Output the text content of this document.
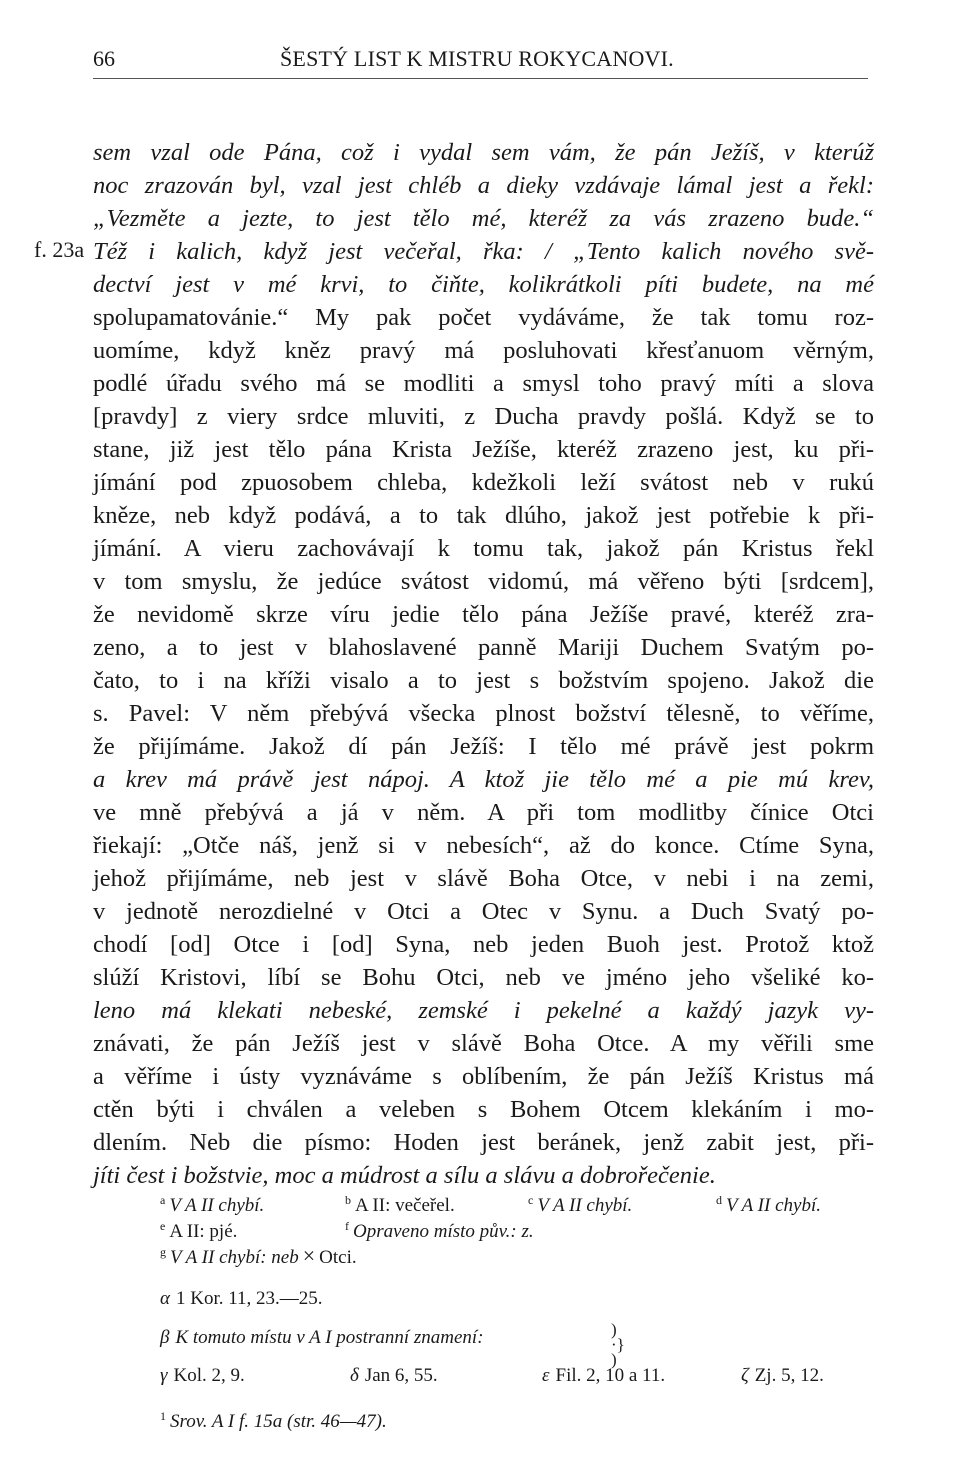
66	ŠESTÝ LIST K MISTRU ROKYCANOVI.
f. 23a
sem vzal ode Pána, což i vydal sem vám, že pán Ježíš, v kterúž
noc zrazován byl, vzal jest chléb a dieky vzdávaje lámal jest a řekl:
„Vezměte a jezte, to jest tělo mé, kteréž za vás zrazeno bude.“
Též i kalich, když jest večeřal, řka: / „Tento kalich nového svě-
dectví jest v mé krvi, to čiňte, kolikrátkoli píti budete, na mé
spolupamatovánie.“ My pak počet vydáváme, že tak tomu roz-
uomíme, když kněz pravý má posluhovati křesťanuom věrným,
podlé úřadu svého má se modliti a smysl toho pravý míti a slova
[pravdy] z viery srdce mluviti, z Ducha pravdy pošlá. Když se to
stane, již jest tělo pána Krista Ježíše, kteréž zrazeno jest, ku při-
jímání pod zpuosobem chleba, kdežkoli leží svátost neb v rukú
kněze, neb když podává, a to tak dlúho, jakož jest potřebie k při-
jímání. A vieru zachovávají k tomu tak, jakož pán Kristus řekl
v tom smyslu, že jedúce svátost vidomú, má věřeno býti [srdcem],
že nevidomě skrze víru jedie tělo pána Ježíše pravé, kteréž zra-
zeno, a to jest v blahoslavené panně Mariji Duchem Svatým po-
čato, to i na kříži visalo a to jest s božstvím spojeno. Jakož die
s. Pavel: V něm přebývá všecka plnost božství tělesně, to věříme,
že přijímáme. Jakož dí pán Ježíš: I tělo mé právě jest pokrm
a krev má právě jest nápoj. A ktož jie tělo mé a pie mú krev,
ve mně přebývá a já v něm. A při tom modlitby čínice Otci
řiekají: „Otče náš, jenž si v nebesích“, až do konce. Ctíme Syna,
jehož přijímáme, neb jest v slávě Boha Otce, v nebi i na zemi,
v jednotě nerozdielné v Otci a Otec v Synu. a Duch Svatý po-
chodí [od] Otce i [od] Syna, neb jeden Buoh jest. Protož ktož
slúží Kristovi, líbí se Bohu Otci, neb ve jméno jeho všeliké ko-
leno má klekati nebeské, zemské i pekelné a každý jazyk vy-
znávati, že pán Ježíš jest v slávě Boha Otce. A my věřili sme
a věříme i ústy vyznáváme s oblíbením, že pán Ježíš Kristus má
ctěn býti i chválen a veleben s Bohem Otcem klekáním i mo-
dlením. Neb die písmo: Hoden jest beránek, jenž zabit jest, při-
jíti čest i božstvie, moc a múdrost a sílu a slávu a dobrořečenie.
$^a$ V A II chybí.	$^b$ A II: večeřel.	$^c$ V A II chybí.	$^d$ V A II chybí.
$^e$ A II: pjé.	$^f$ Opraveno místo pův.: z.
$^g$ V A II chybí: neb × Otci.
α 1 Kor. 11, 23.—25.
β K tomuto místu v A I postranní znamení:	)
·}
)
γ Kol. 2, 9.	δ Jan 6, 55.	ε Fil. 2, 10 a 11.	ζ Zj. 5, 12.
$^1$ Srov. A I f. 15a (str. 46—47).
